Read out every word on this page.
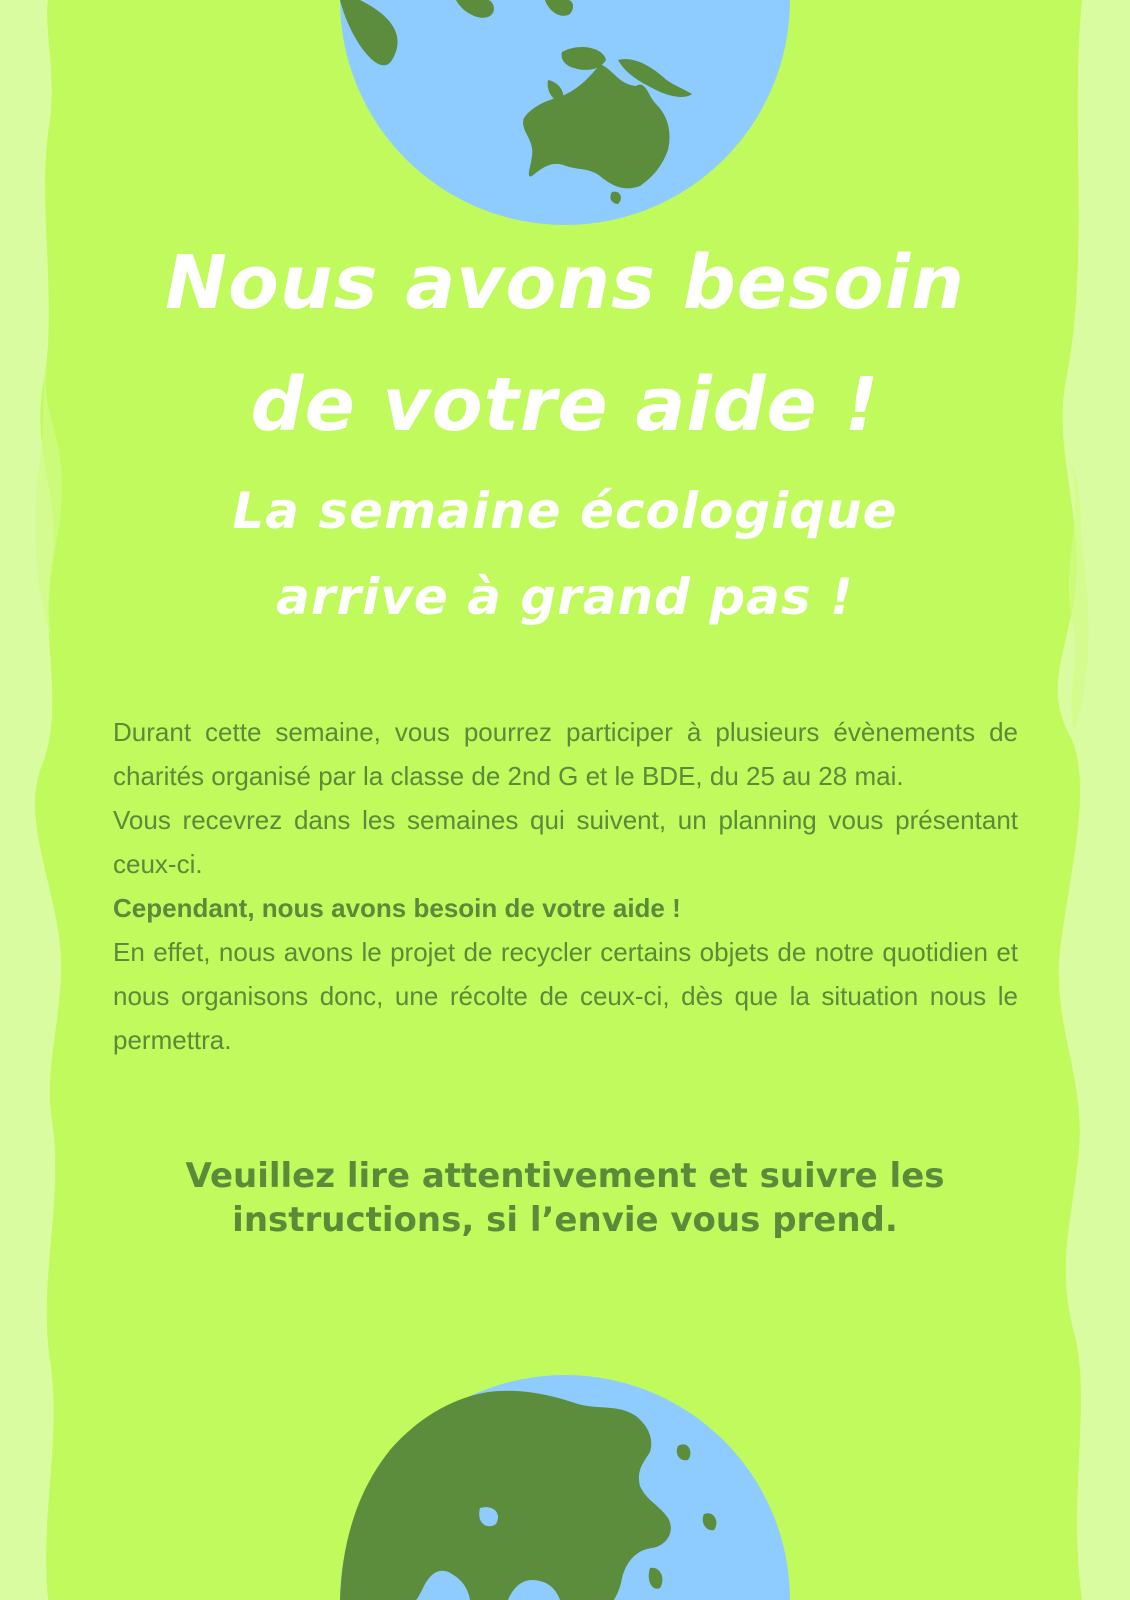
Nous avons besoin
de votre aide !
La semaine écologique
arrive à grand pas !

Durant cette semaine, vous pourrez participer à plusieurs évènements de charités organisé par la classe de 2nd G et le BDE, du 25 au 28 mai.

Vous recevrez dans les semaines qui suivent, un planning vous présentant ceux-ci.

Cependant, nous avons besoin de votre aide !

En effet, nous avons le projet de recycler certains objets de notre quotidien et nous organisons donc, une récolte de ceux-ci, dès que la situation nous le permettra.

Veuillez lire attentivement et suivre les

instructions, si l’envie vous prend.
